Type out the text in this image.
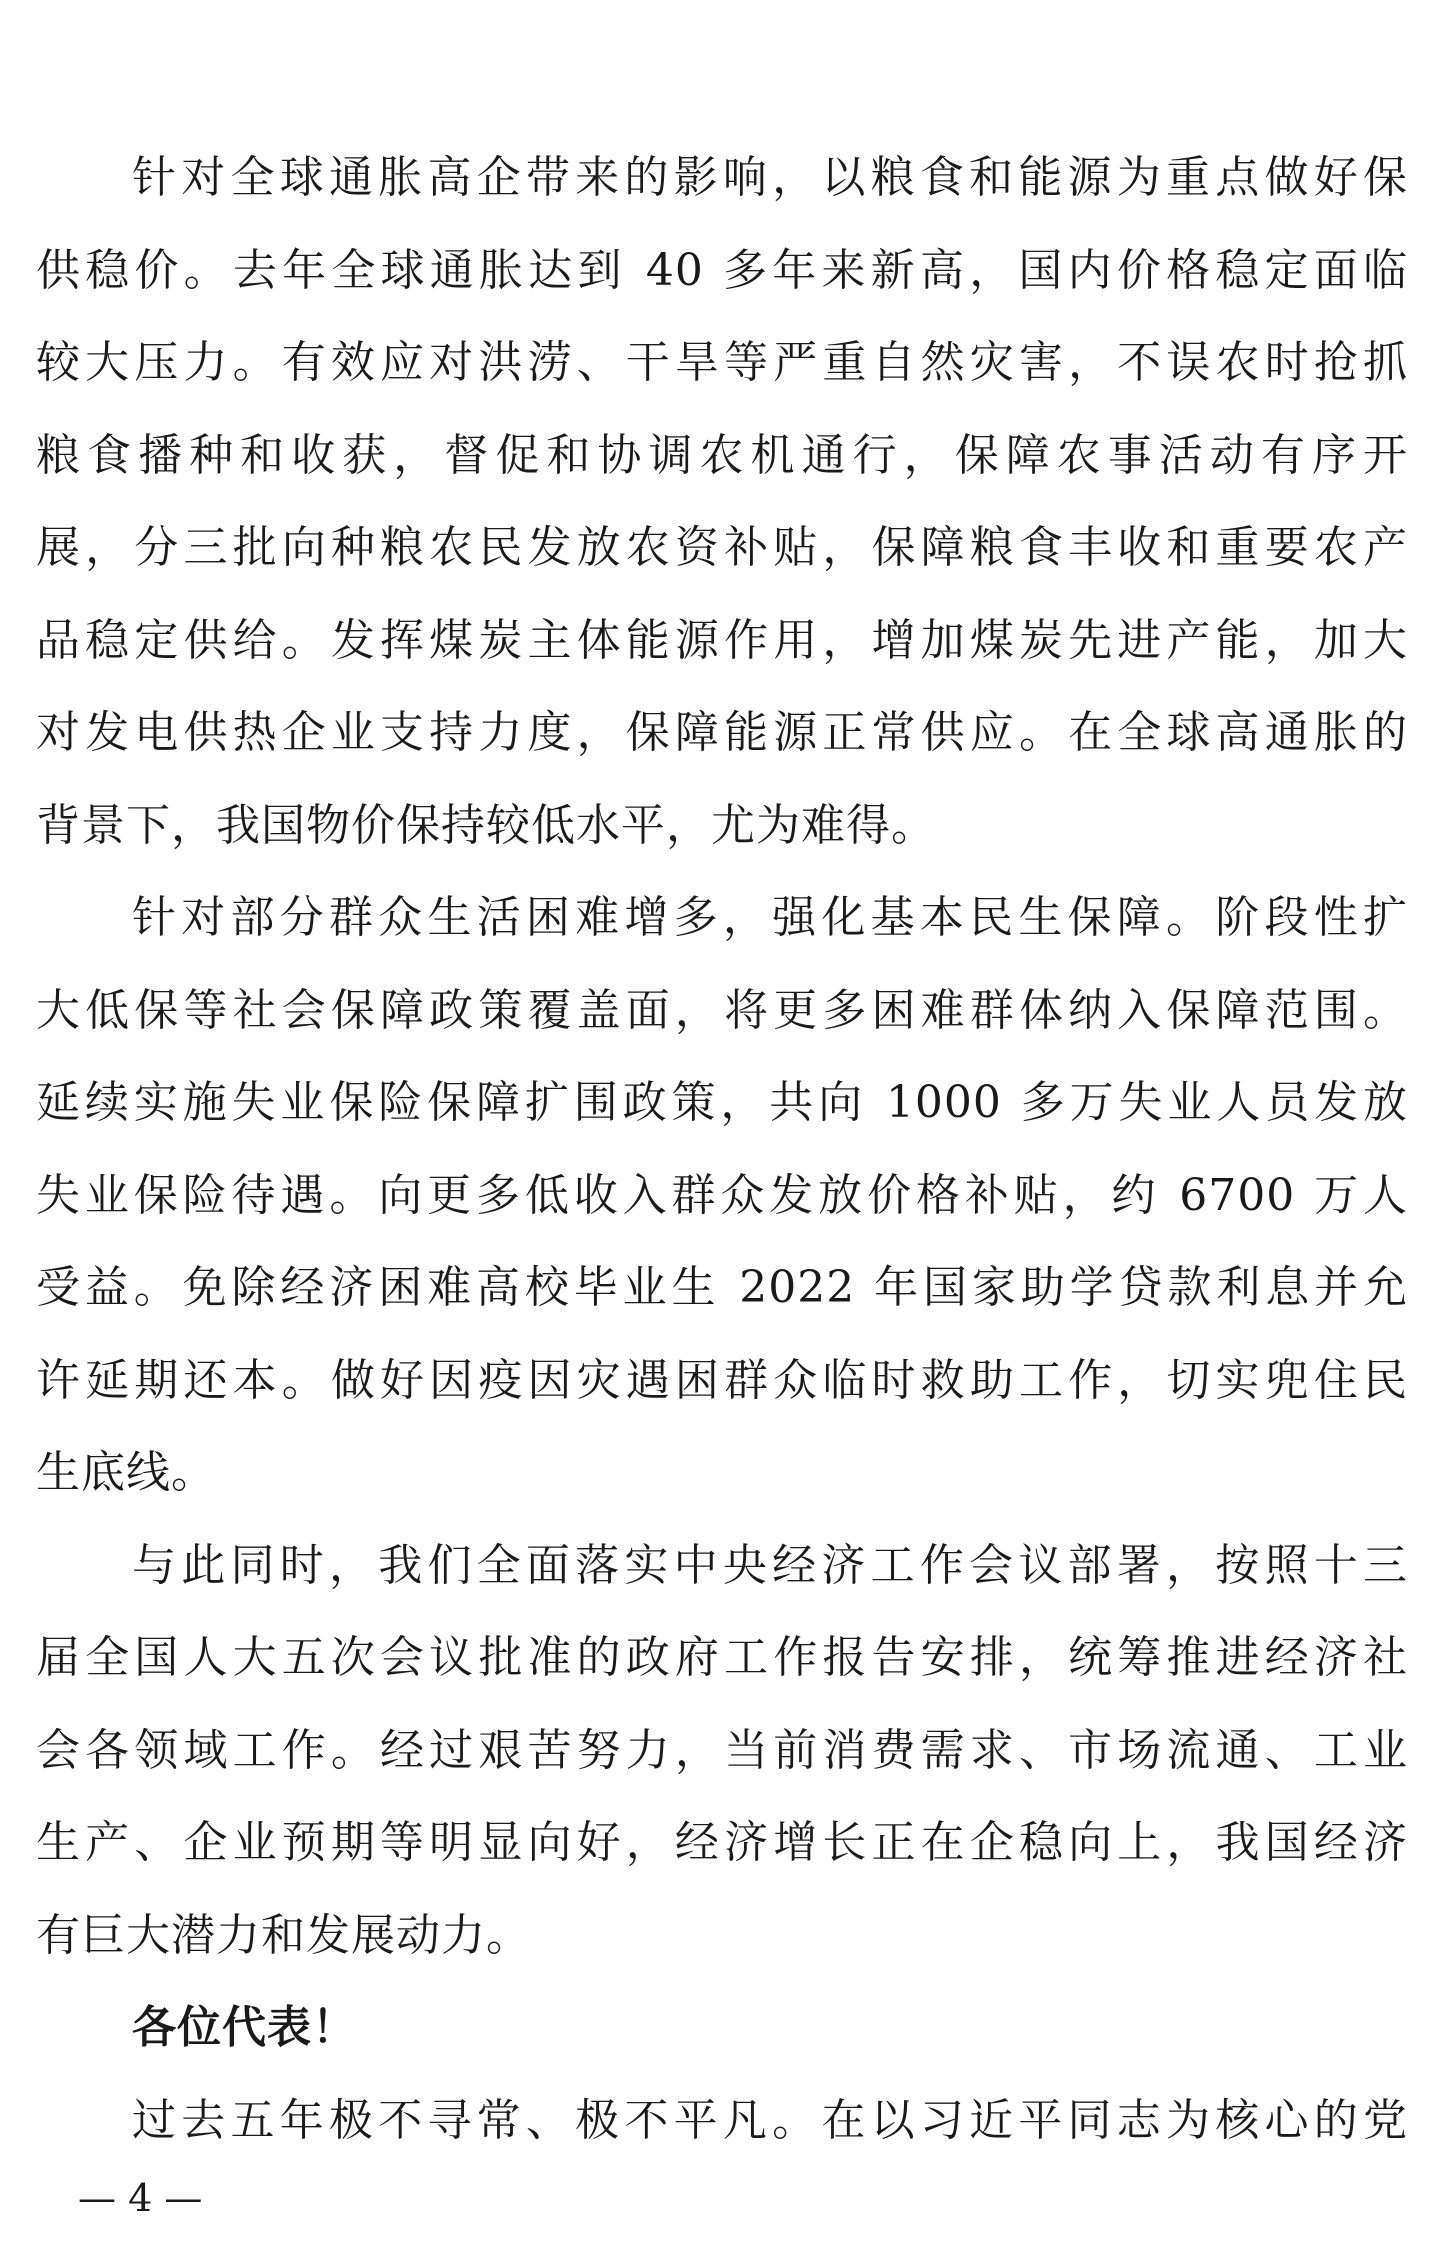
针对全球通胀高企带来的影响，以粮食和能源为重点做好保
供稳价。去年全球通胀达到 40 多年来新高，国内价格稳定面临
较大压力。有效应对洪涝、干旱等严重自然灾害，不误农时抢抓
粮食播种和收获，督促和协调农机通行，保障农事活动有序开
展，分三批向种粮农民发放农资补贴，保障粮食丰收和重要农产
品稳定供给。发挥煤炭主体能源作用，增加煤炭先进产能，加大
对发电供热企业支持力度，保障能源正常供应。在全球高通胀的
背景下，我国物价保持较低水平，尤为难得。
针对部分群众生活困难增多，强化基本民生保障。阶段性扩
大低保等社会保障政策覆盖面，将更多困难群体纳入保障范围。
延续实施失业保险保障扩围政策，共向 1000 多万失业人员发放
失业保险待遇。向更多低收入群众发放价格补贴，约 6700 万人
受益。免除经济困难高校毕业生 2022 年国家助学贷款利息并允
许延期还本。做好因疫因灾遇困群众临时救助工作，切实兜住民
生底线。
与此同时，我们全面落实中央经济工作会议部署，按照十三
届全国人大五次会议批准的政府工作报告安排，统筹推进经济社
会各领域工作。经过艰苦努力，当前消费需求、市场流通、工业
生产、企业预期等明显向好，经济增长正在企稳向上，我国经济
有巨大潜力和发展动力。
各位代表！
过去五年极不寻常、极不平凡。在以习近平同志为核心的党
— 4 —
